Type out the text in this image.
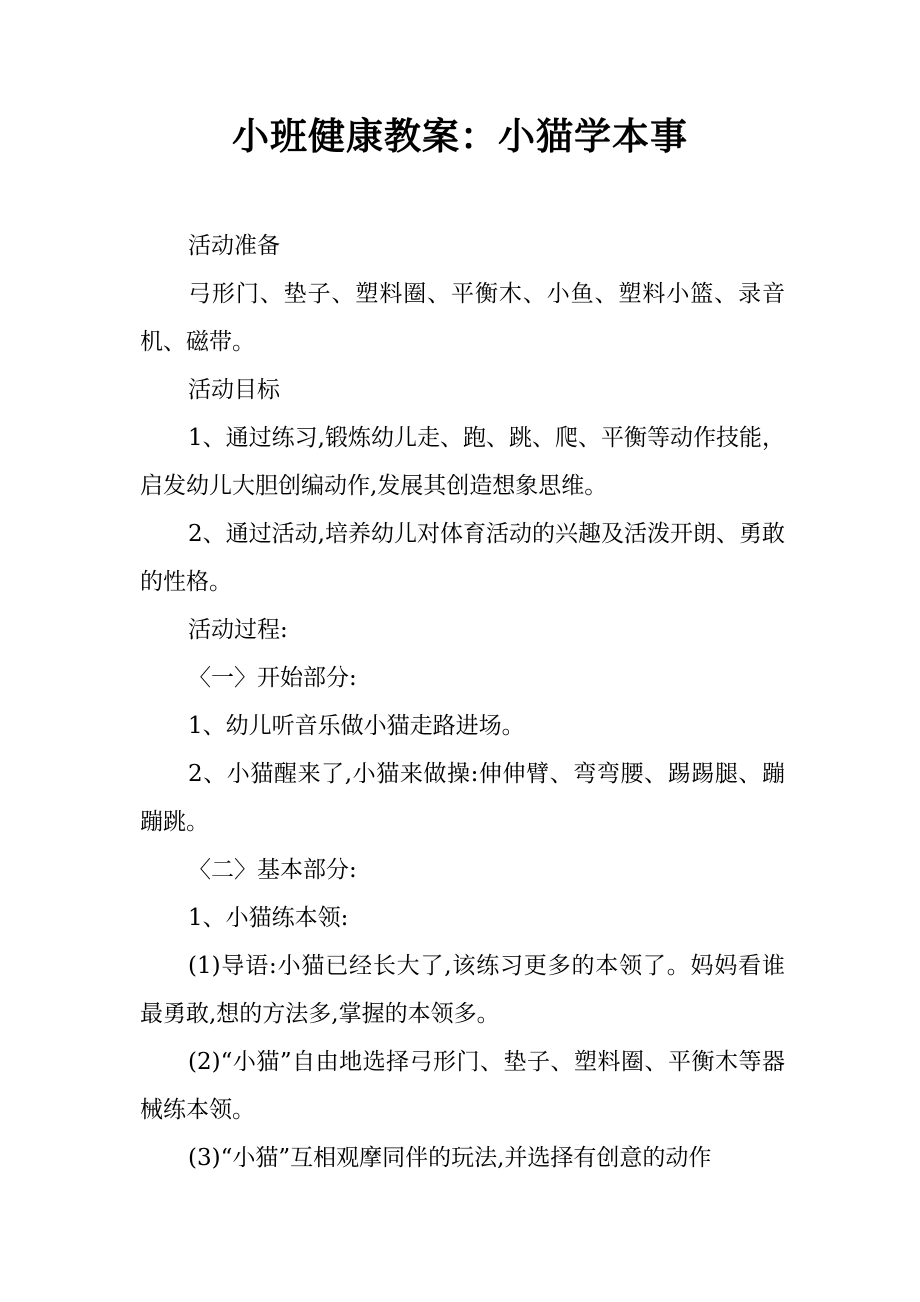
小班健康教案：小猫学本事

活动准备

弓形门、垫子、塑料圈、平衡木、小鱼、塑料小篮、录音机、磁带。

活动目标

1、通过练习,锻炼幼儿走、跑、跳、爬、平衡等动作技能，启发幼儿大胆创编动作,发展其创造想象思维。

2、通过活动,培养幼儿对体育活动的兴趣及活泼开朗、勇敢的性格。

活动过程:

〈一〉开始部分:

1、幼儿听音乐做小猫走路进场。

2、小猫醒来了,小猫来做操:伸伸臂、弯弯腰、踢踢腿、蹦蹦跳。

〈二〉基本部分:

1、小猫练本领:

(1)导语:小猫已经长大了,该练习更多的本领了。妈妈看谁最勇敢,想的方法多,掌握的本领多。

(2)“小猫”自由地选择弓形门、垫子、塑料圈、平衡木等器械练本领。

(3)“小猫”互相观摩同伴的玩法,并选择有创意的动作
